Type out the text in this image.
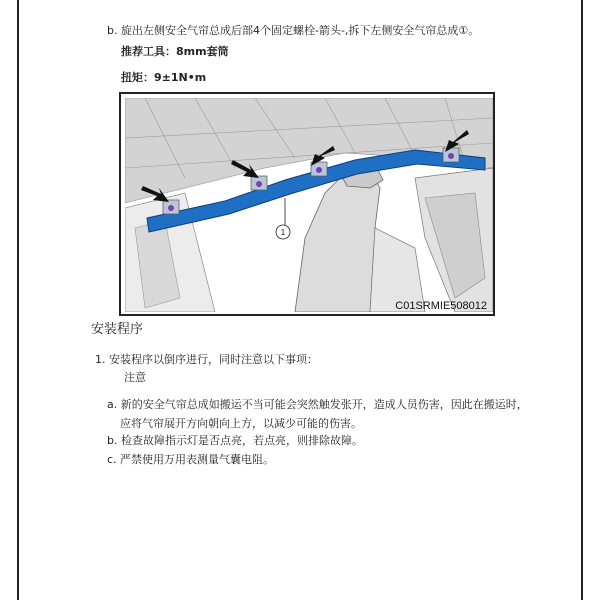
b. 旋出左侧安全气帘总成后部4个固定螺栓-箭头-,拆下左侧安全气帘总成①。
推荐工具：8mm套筒
扭矩：9±1N•m
1
C01SRMIE508012
安装程序
1. 安装程序以倒序进行，同时注意以下事项：
注意
a. 新的安全气帘总成如搬运不当可能会突然触发张开，造成人员伤害，因此在搬运时，
应将气帘展开方向朝向上方，以减少可能的伤害。
b. 检查故障指示灯是否点亮，若点亮，则排除故障。
c. 严禁使用万用表测量气囊电阻。
